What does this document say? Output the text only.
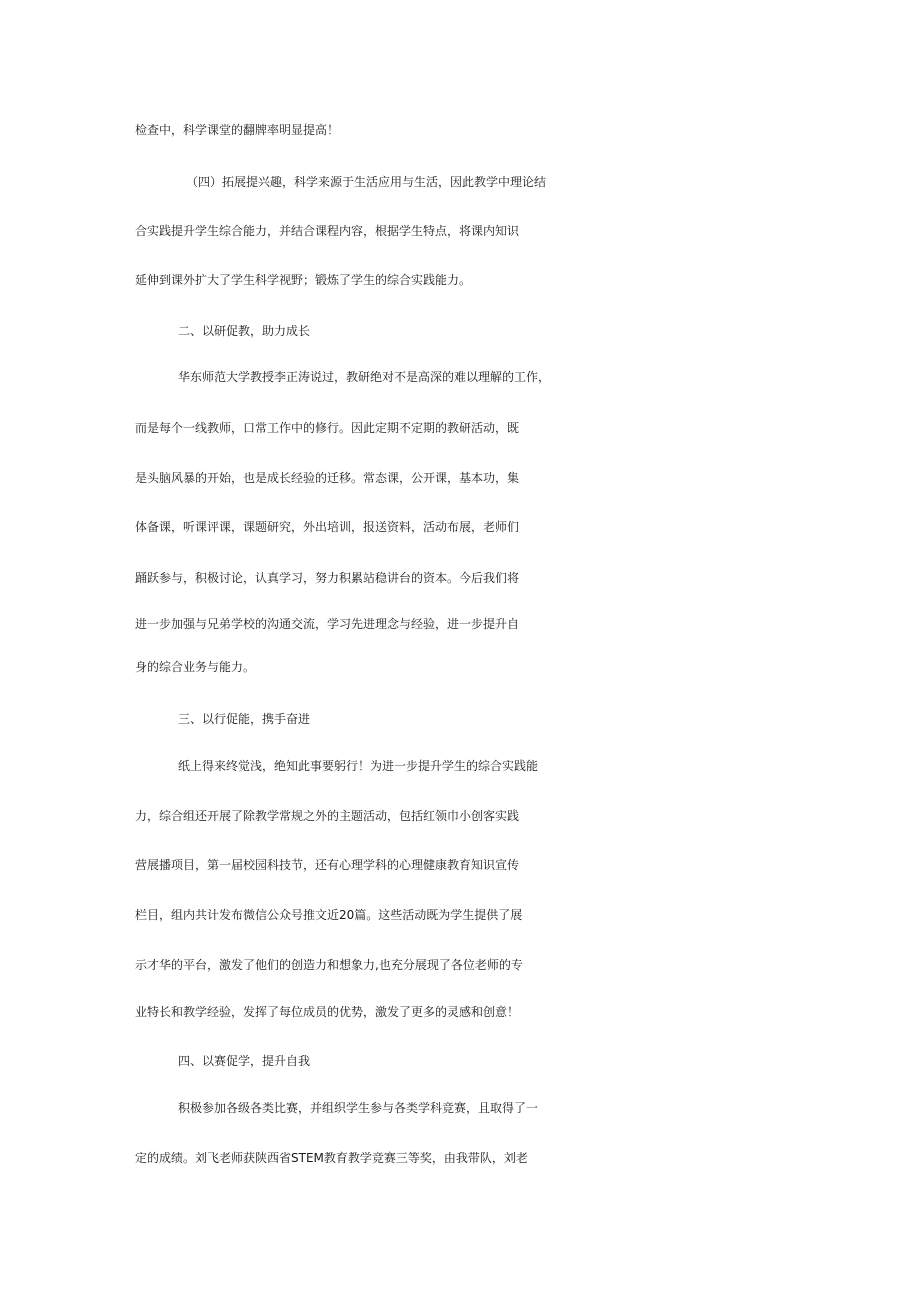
检查中，科学课堂的翻牌率明显提高！
（四）拓展提兴趣，科学来源于生活应用与生活，因此教学中理论结
合实践提升学生综合能力，并结合课程内容，根据学生特点，将课内知识
延伸到课外扩大了学生科学视野；锻炼了学生的综合实践能力。
二、以研促教，助力成长
华东师范大学教授李正涛说过，教研绝对不是高深的难以理解的工作，
而是每个一线教师，口常工作中的修行。因此定期不定期的教研活动，既
是头脑风暴的开始，也是成长经验的迁移。常态课，公开课，基本功，集
体备课，听课评课，课题研究，外出培训，报送资料，活动布展，老师们
踊跃参与，积极讨论，认真学习，努力积累站稳讲台的资本。今后我们将
进一步加强与兄弟学校的沟通交流，学习先进理念与经验，进一步提升自
身的综合业务与能力。
三、以行促能，携手奋进
纸上得来终觉浅，绝知此事要躬行！为进一步提升学生的综合实践能
力，综合组还开展了除教学常规之外的主题活动，包括红领巾小创客实践
营展播项目，第一届校园科技节，还有心理学科的心理健康教育知识宣传
栏目，组内共计发布微信公众号推文近20篇。这些活动既为学生提供了展
示才华的平台，激发了他们的创造力和想象力,也充分展现了各位老师的专
业特长和教学经验，发挥了每位成员的优势，激发了更多的灵感和创意！
四、以赛促学，提升自我
积极参加各级各类比赛，并组织学生参与各类学科竞赛，且取得了一
定的成绩。刘飞老师获陕西省STEM教育教学竞赛三等奖，由我带队，刘老
